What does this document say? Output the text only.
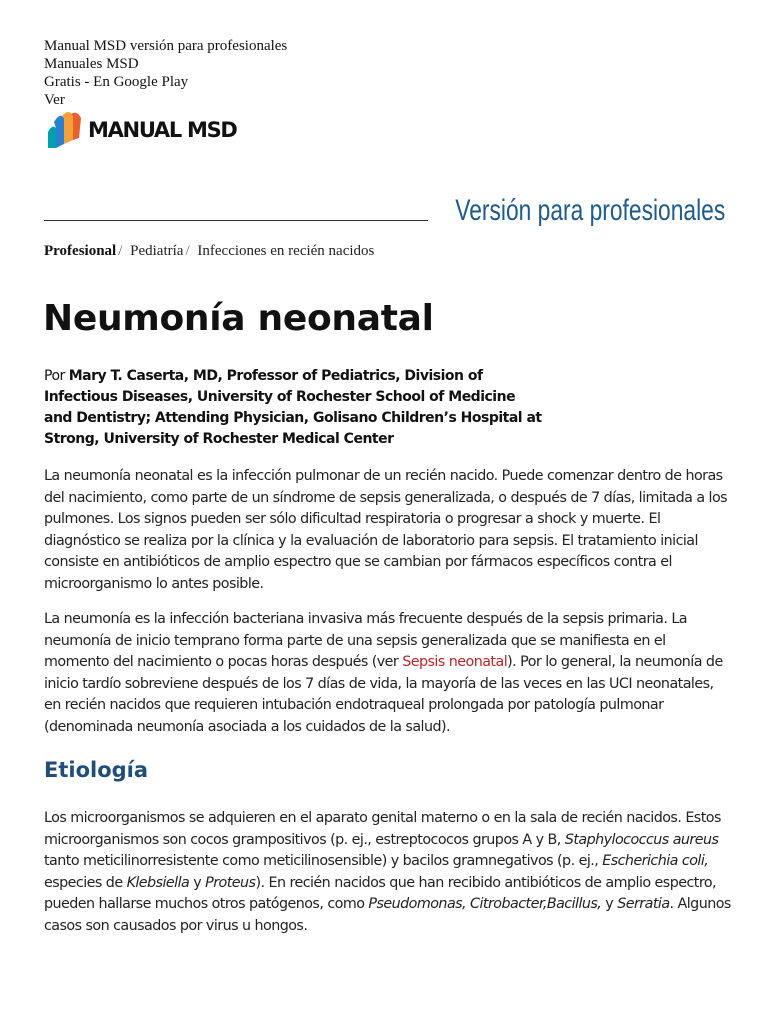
Manual MSD versión para profesionales
Manuales MSD
Gratis - En Google Play
Ver
MANUAL MSD
Versión para profesionales
Profesional / Pediatría / Infecciones en recién nacidos
Neumonía neonatal
Por Mary T. Caserta, MD, Professor of Pediatrics, Division of Infectious Diseases, University of Rochester School of Medicine and Dentistry; Attending Physician, Golisano Children’s Hospital at Strong, University of Rochester Medical Center

La neumonía neonatal es la infección pulmonar de un recién nacido. Puede comenzar dentro de horas del nacimiento, como parte de un síndrome de sepsis generalizada, o después de 7 días, limitada a los pulmones. Los signos pueden ser sólo dificultad respiratoria o progresar a shock y muerte. El diagnóstico se realiza por la clínica y la evaluación de laboratorio para sepsis. El tratamiento inicial consiste en antibióticos de amplio espectro que se cambian por fármacos específicos contra el microorganismo lo antes posible.

La neumonía es la infección bacteriana invasiva más frecuente después de la sepsis primaria. La neumonía de inicio temprano forma parte de una sepsis generalizada que se manifiesta en el momento del nacimiento o pocas horas después (ver Sepsis neonatal). Por lo general, la neumonía de inicio tardío sobreviene después de los 7 días de vida, la mayoría de las veces en las UCI neonatales, en recién nacidos que requieren intubación endotraqueal prolongada por patología pulmonar (denominada neumonía asociada a los cuidados de la salud).

Etiología

Los microorganismos se adquieren en el aparato genital materno o en la sala de recién nacidos. Estos microorganismos son cocos grampositivos (p. ej., estreptococos grupos A y B, Staphylococcus aureus tanto meticilinorresistente como meticilinosensible) y bacilos gramnegativos (p. ej., Escherichia coli, especies de Klebsiella y Proteus). En recién nacidos que han recibido antibióticos de amplio espectro, pueden hallarse muchos otros patógenos, como Pseudomonas, Citrobacter,Bacillus, y Serratia. Algunos casos son causados por virus u hongos.
